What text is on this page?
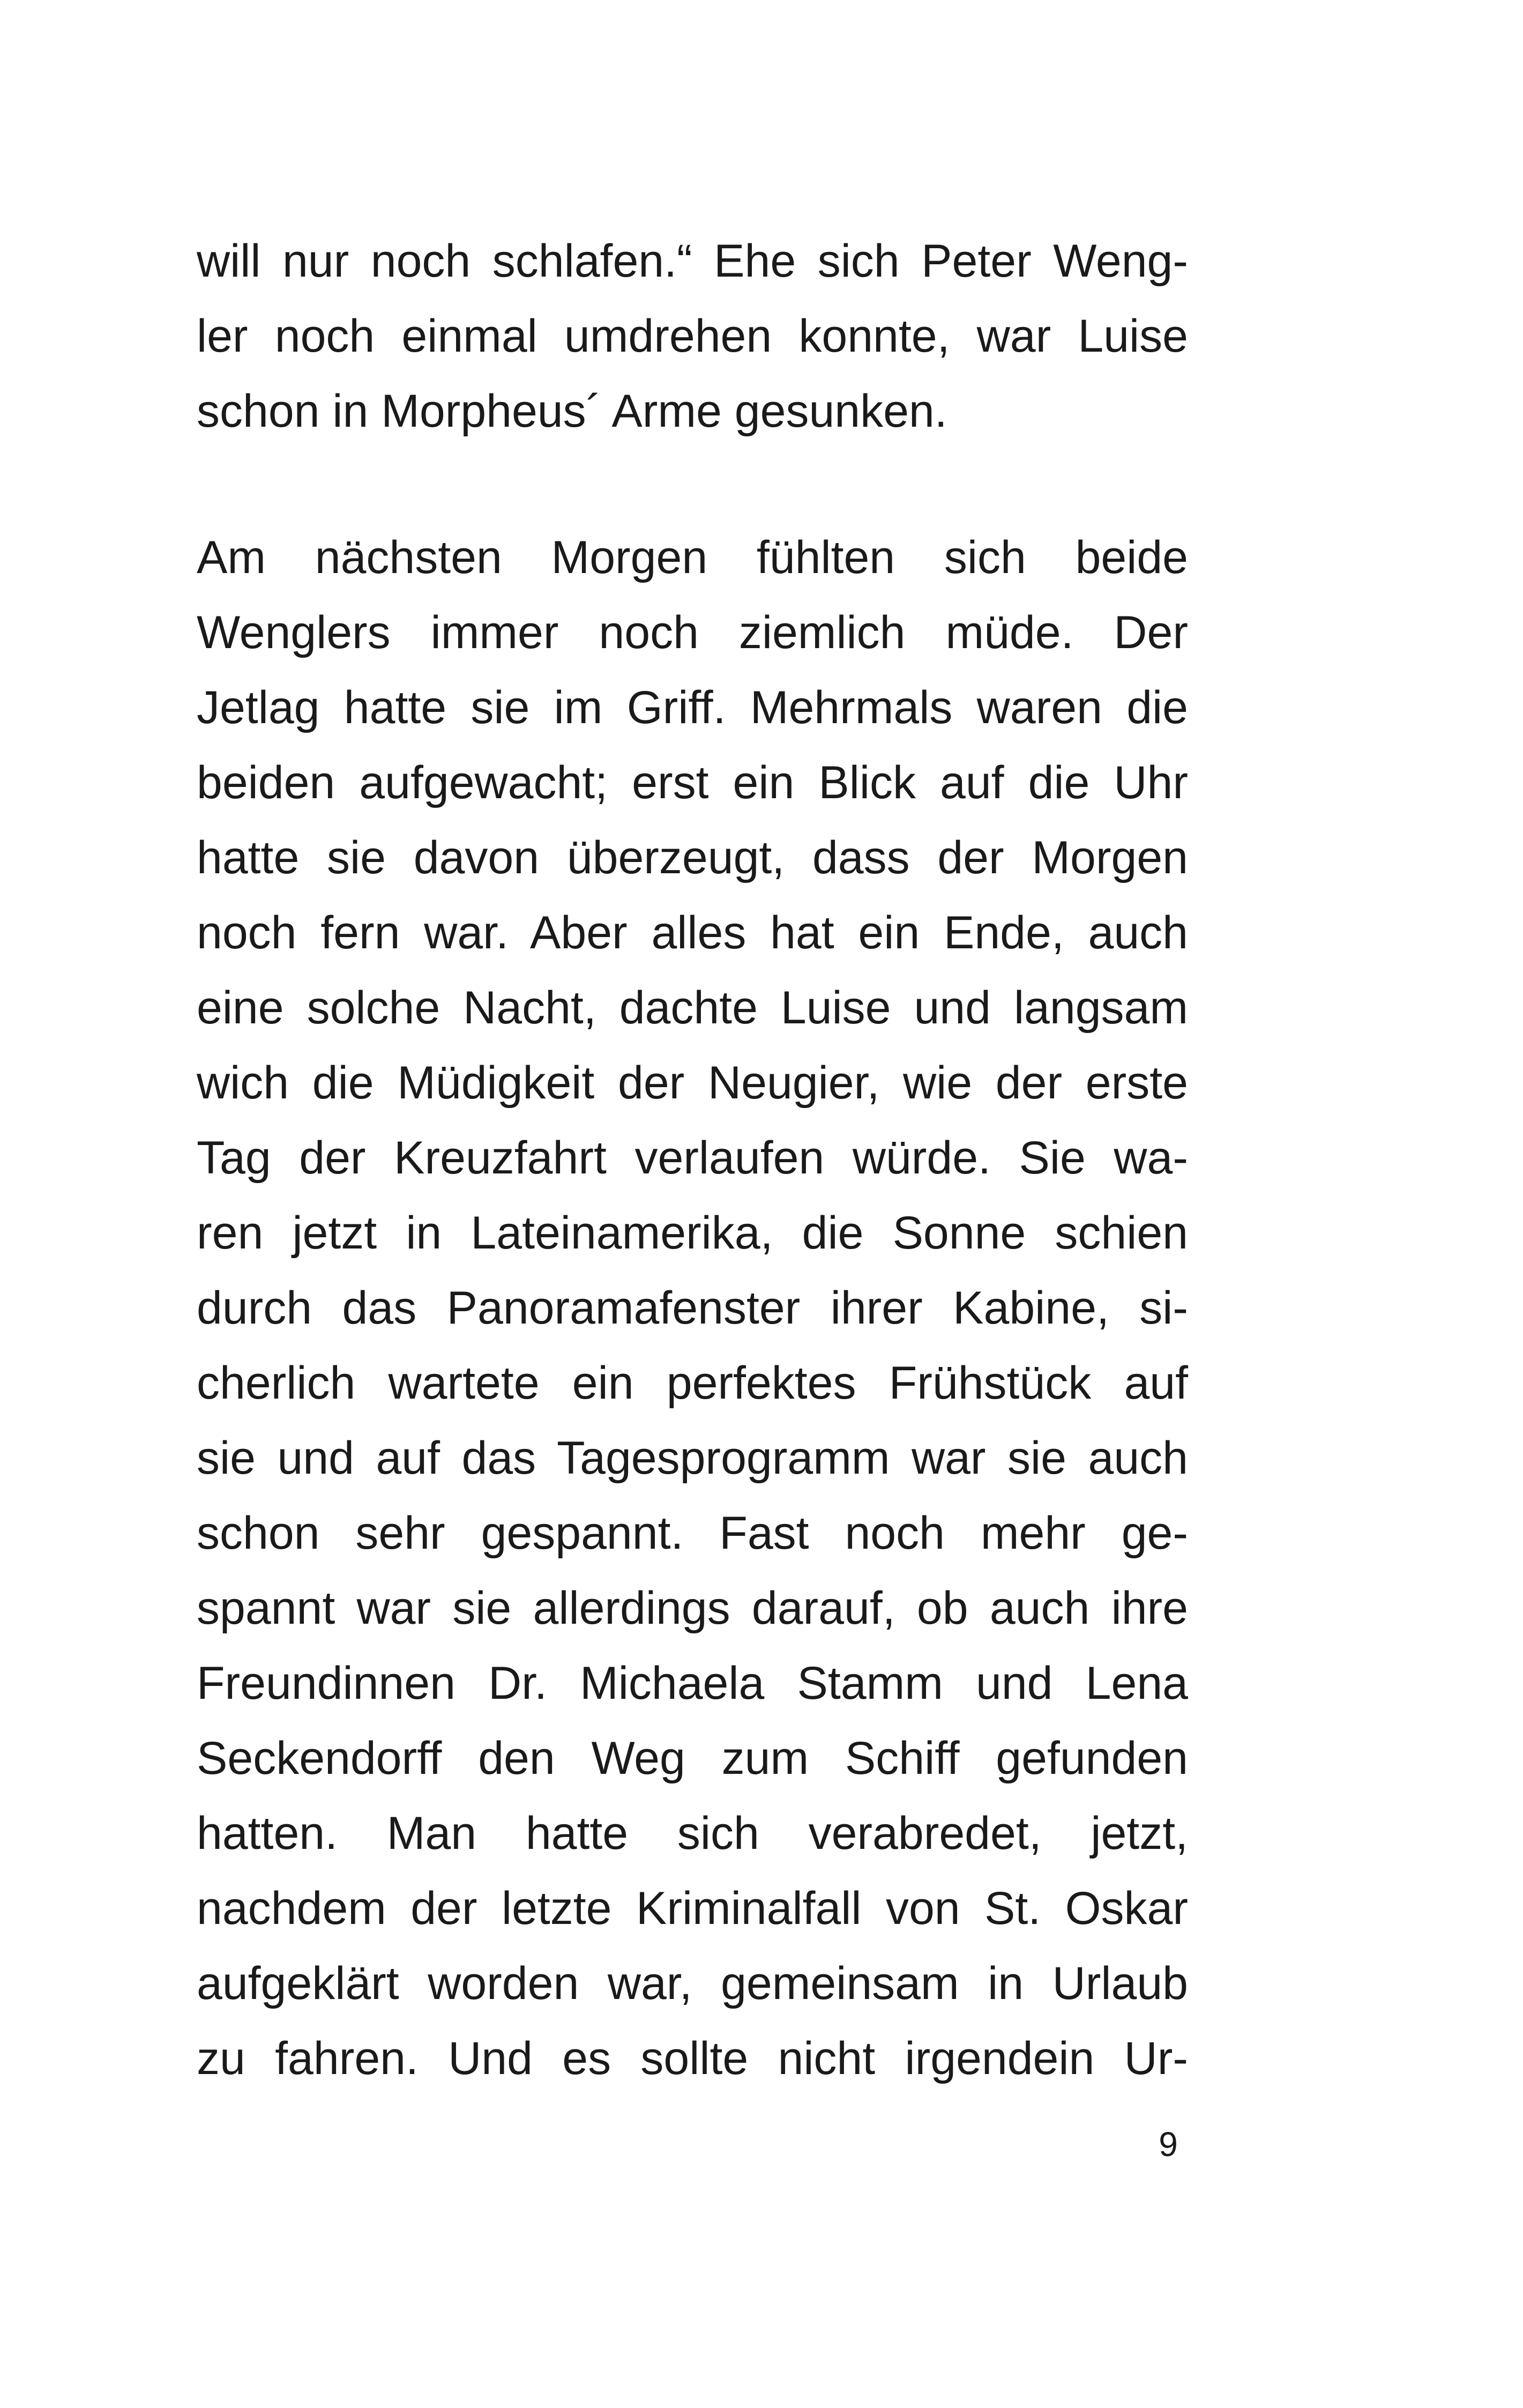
will nur noch schlafen.“ Ehe sich Peter Weng-
ler noch einmal umdrehen konnte, war Luise
schon in Morpheus´ Arme gesunken.
Am nächsten Morgen fühlten sich beide
Wenglers immer noch ziemlich müde. Der
Jetlag hatte sie im Griff. Mehrmals waren die
beiden aufgewacht; erst ein Blick auf die Uhr
hatte sie davon überzeugt, dass der Morgen
noch fern war. Aber alles hat ein Ende, auch
eine solche Nacht, dachte Luise und langsam
wich die Müdigkeit der Neugier, wie der erste
Tag der Kreuzfahrt verlaufen würde. Sie wa-
ren jetzt in Lateinamerika, die Sonne schien
durch das Panoramafenster ihrer Kabine, si-
cherlich wartete ein perfektes Frühstück auf
sie und auf das Tagesprogramm war sie auch
schon sehr gespannt. Fast noch mehr ge-
spannt war sie allerdings darauf, ob auch ihre
Freundinnen Dr. Michaela Stamm und Lena
Seckendorff den Weg zum Schiff gefunden
hatten. Man hatte sich verabredet, jetzt,
nachdem der letzte Kriminalfall von St. Oskar
aufgeklärt worden war, gemeinsam in Urlaub
zu fahren. Und es sollte nicht irgendein Ur-
9
